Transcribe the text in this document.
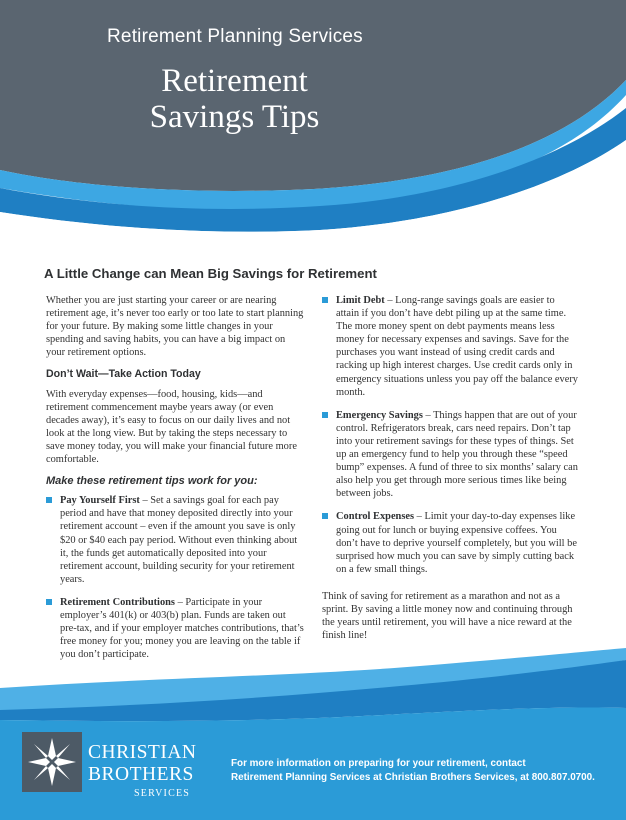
Retirement Planning Services
Retirement
Savings Tips
A Little Change can Mean Big Savings for Retirement

Whether you are just starting your career or are nearing retirement age, it’s never too early or too late to start planning for your future. By making some little changes in your spending and saving habits, you can have a big impact on your retirement options.

Don’t Wait—Take Action Today

With everyday expenses—food, housing, kids—and retirement commencement maybe years away (or even decades away), it’s easy to focus on our daily lives and not look at the long view. But by taking the steps necessary to save money today, you will make your financial future more comfortable.

Make these retirement tips work for you:
Pay Yourself First – Set a savings goal for each pay period and have that money deposited directly into your retirement account – even if the amount you save is only $20 or $40 each pay period. Without even thinking about it, the funds get automatically deposited into your retirement account, building security for your retirement years.
Retirement Contributions – Participate in your employer’s 401(k) or 403(b) plan. Funds are taken out pre-tax, and if your employer matches contributions, that’s free money for you; money you are leaving on the table if you don’t participate.
Limit Debt – Long-range savings goals are easier to attain if you don’t have debt piling up at the same time. The more money spent on debt payments means less money for necessary expenses and savings. Save for the purchases you want instead of using credit cards and racking up high interest charges. Use credit cards only in emergency situations unless you pay off the balance every month.
Emergency Savings – Things happen that are out of your control. Refrigerators break, cars need repairs. Don’t tap into your retirement savings for these types of things. Set up an emergency fund to help you through these “speed bump” expenses. A fund of three to six months’ salary can also help you get through more serious times like being between jobs.
Control Expenses – Limit your day-to-day expenses like going out for lunch or buying expensive coffees. You don’t have to deprive yourself completely, but you will be surprised how much you can save by simply cutting back on a few small things.

Think of saving for retirement as a marathon and not as a sprint. By saving a little money now and continuing through the years until retirement, you will have a nice reward at the finish line!

CHRISTIAN
BROTHERS
SERVICES
For more information on preparing for your retirement, contact
Retirement Planning Services at Christian Brothers Services, at 800.807.0700.
